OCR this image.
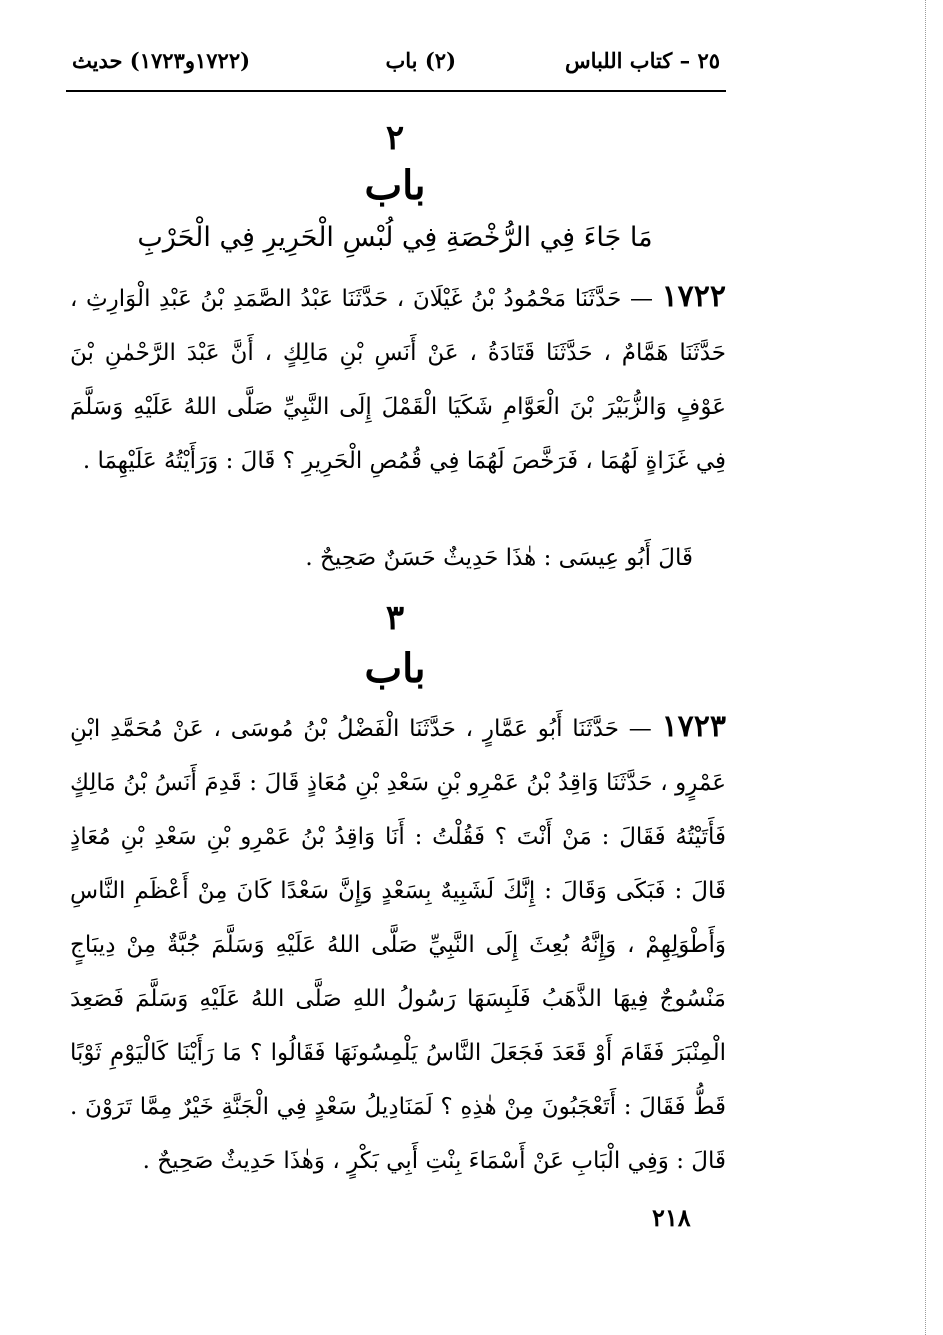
٢٥ – كتاب اللباس
(٢) باب
(١٧٢٢و١٧٢٣) حديث
٢
باب
مَا جَاءَ فِي الرُّخْصَةِ فِي لُبْسِ الْحَرِيرِ فِي الْحَرْبِ
١٧٢٢ — حَدَّثَنَا مَحْمُودُ بْنُ غَيْلَانَ ، حَدَّثَنَا عَبْدُ الصَّمَدِ بْنُ عَبْدِ الْوَارِثِ ، حَدَّثَنَا هَمَّامٌ ، حَدَّثَنَا قَتَادَةُ ، عَنْ أَنَسِ بْنِ مَالِكٍ ، أَنَّ عَبْدَ الرَّحْمٰنِ بْنَ عَوْفٍ وَالزُّبَيْرَ بْنَ الْعَوَّامِ شَكَيَا الْقَمْلَ إِلَى النَّبِيِّ صَلَّى اللهُ عَلَيْهِ وَسَلَّمَ فِي غَزَاةٍ لَهُمَا ، فَرَخَّصَ لَهُمَا فِي قُمُصِ الْحَرِيرِ ؟ قَالَ : وَرَأَيْتُهُ عَلَيْهِمَا .
قَالَ أَبُو عِيسَى : هٰذَا حَدِيثٌ حَسَنٌ صَحِيحٌ .
٣
باب
١٧٢٣ — حَدَّثَنَا أَبُو عَمَّارٍ ، حَدَّثَنَا الْفَضْلُ بْنُ مُوسَى ، عَنْ مُحَمَّدِ ابْنِ عَمْرٍو ، حَدَّثَنَا وَاقِدُ بْنُ عَمْرِو بْنِ سَعْدِ بْنِ مُعَاذٍ قَالَ : قَدِمَ أَنَسُ بْنُ مَالِكٍ فَأَتَيْتُهُ فَقَالَ : مَنْ أَنْتَ ؟ فَقُلْتُ : أَنَا وَاقِدُ بْنُ عَمْرِو بْنِ سَعْدِ بْنِ مُعَاذٍ قَالَ : فَبَكَى وَقَالَ : إِنَّكَ لَشَبِيهٌ بِسَعْدٍ وَإِنَّ سَعْدًا كَانَ مِنْ أَعْظَمِ النَّاسِ وَأَطْوَلِهِمْ ، وَإِنَّهُ بُعِثَ إِلَى النَّبِيِّ صَلَّى اللهُ عَلَيْهِ وَسَلَّمَ جُبَّةٌ مِنْ دِيبَاجٍ مَنْسُوجٌ فِيهَا الذَّهَبُ فَلَبِسَهَا رَسُولُ اللهِ صَلَّى اللهُ عَلَيْهِ وَسَلَّمَ فَصَعِدَ الْمِنْبَرَ فَقَامَ أَوْ قَعَدَ فَجَعَلَ النَّاسُ يَلْمِسُونَهَا فَقَالُوا ؟ مَا رَأَيْنَا كَالْيَوْمِ ثَوْبًا قَطُّ فَقَالَ : أَتَعْجَبُونَ مِنْ هٰذِهِ ؟ لَمَنَادِيلُ سَعْدٍ فِي الْجَنَّةِ خَيْرٌ مِمَّا تَرَوْنَ . قَالَ : وَفِي الْبَابِ عَنْ أَسْمَاءَ بِنْتِ أَبِي بَكْرٍ ، وَهٰذَا حَدِيثٌ صَحِيحٌ .
٢١٨
